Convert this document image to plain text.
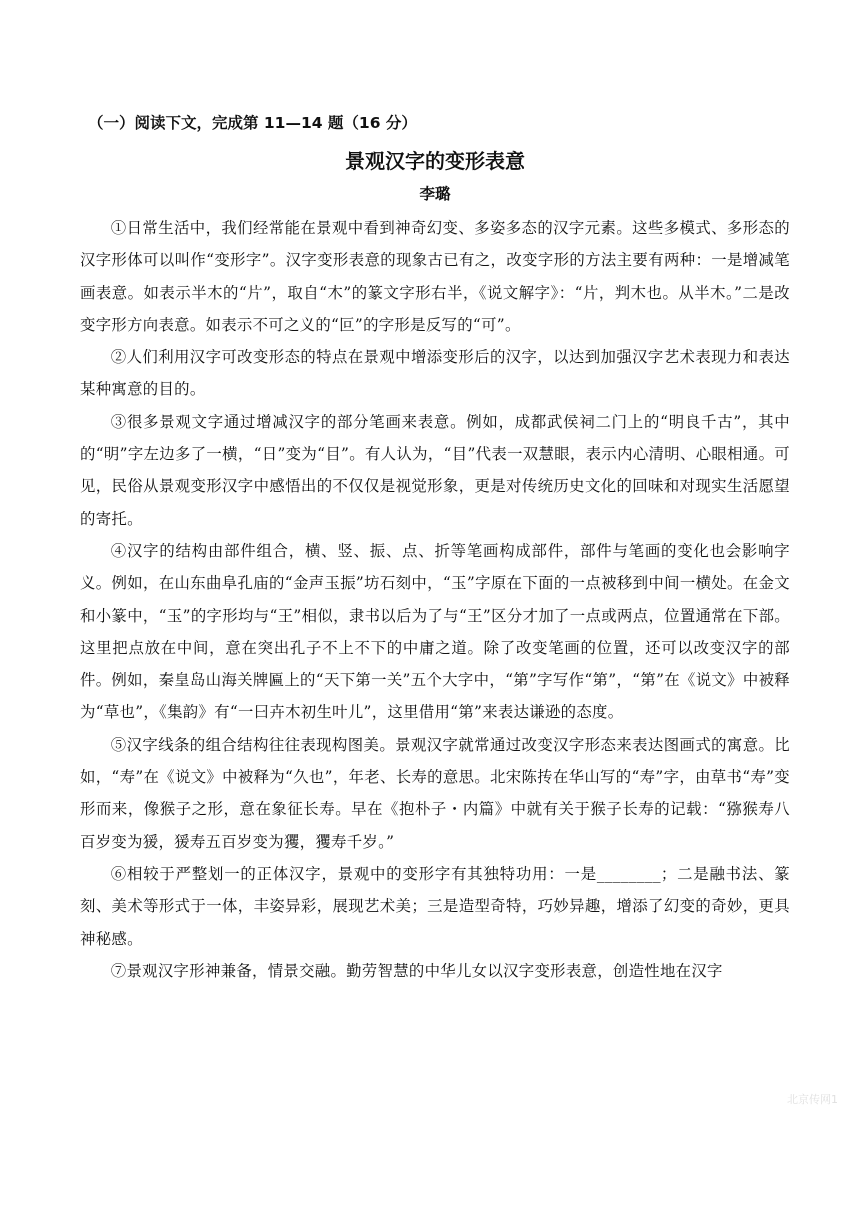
（一）阅读下文，完成第 11—14 题（16 分）
景观汉字的变形表意
李璐

①日常生活中，我们经常能在景观中看到神奇幻变、多姿多态的汉字元素。这些多模式、多形态的汉字形体可以叫作“变形字”。汉字变形表意的现象古已有之，改变字形的方法主要有两种：一是增减笔画表意。如表示半木的“片”，取自“木”的篆文字形右半，《说文解字》：“片，判木也。从半木。”二是改变字形方向表意。如表示不可之义的“叵”的字形是反写的“可”。

②人们利用汉字可改变形态的特点在景观中增添变形后的汉字，以达到加强汉字艺术表现力和表达某种寓意的目的。

③很多景观文字通过增减汉字的部分笔画来表意。例如，成都武侯祠二门上的“明良千古”，其中的“明”字左边多了一横，“日”变为“目”。有人认为，“目”代表一双慧眼，表示内心清明、心眼相通。可见，民俗从景观变形汉字中感悟出的不仅仅是视觉形象，更是对传统历史文化的回味和对现实生活愿望的寄托。

④汉字的结构由部件组合，横、竖、振、点、折等笔画构成部件，部件与笔画的变化也会影响字义。例如，在山东曲阜孔庙的“金声玉振”坊石刻中，“玉”字原在下面的一点被移到中间一横处。在金文和小篆中，“玉”的字形均与“王”相似，隶书以后为了与“王”区分才加了一点或两点，位置通常在下部。这里把点放在中间，意在突出孔子不上不下的中庸之道。除了改变笔画的位置，还可以改变汉字的部件。例如，秦皇岛山海关牌匾上的“天下第一关”五个大字中，“第”字写作“第”，“第”在《说文》中被释为“草也”，《集韵》有“一曰卉木初生叶儿”，这里借用“第”来表达谦逊的态度。

⑤汉字线条的组合结构往往表现构图美。景观汉字就常通过改变汉字形态来表达图画式的寓意。比如，“寿”在《说文》中被释为“久也”，年老、长寿的意思。北宋陈抟在华山写的“寿”字，由草书“寿”变形而来，像猴子之形，意在象征长寿。早在《抱朴子・内篇》中就有关于猴子长寿的记载：“猕猴寿八百岁变为猨，猨寿五百岁变为玃，玃寿千岁。”

⑥相较于严整划一的正体汉字，景观中的变形字有其独特功用：一是________；二是融书法、篆刻、美术等形式于一体，丰姿异彩，展现艺术美；三是造型奇特，巧妙异趣，增添了幻变的奇妙，更具神秘感。

⑦景观汉字形神兼备，情景交融。勤劳智慧的中华儿女以汉字变形表意，创造性地在汉字

北京传网1
